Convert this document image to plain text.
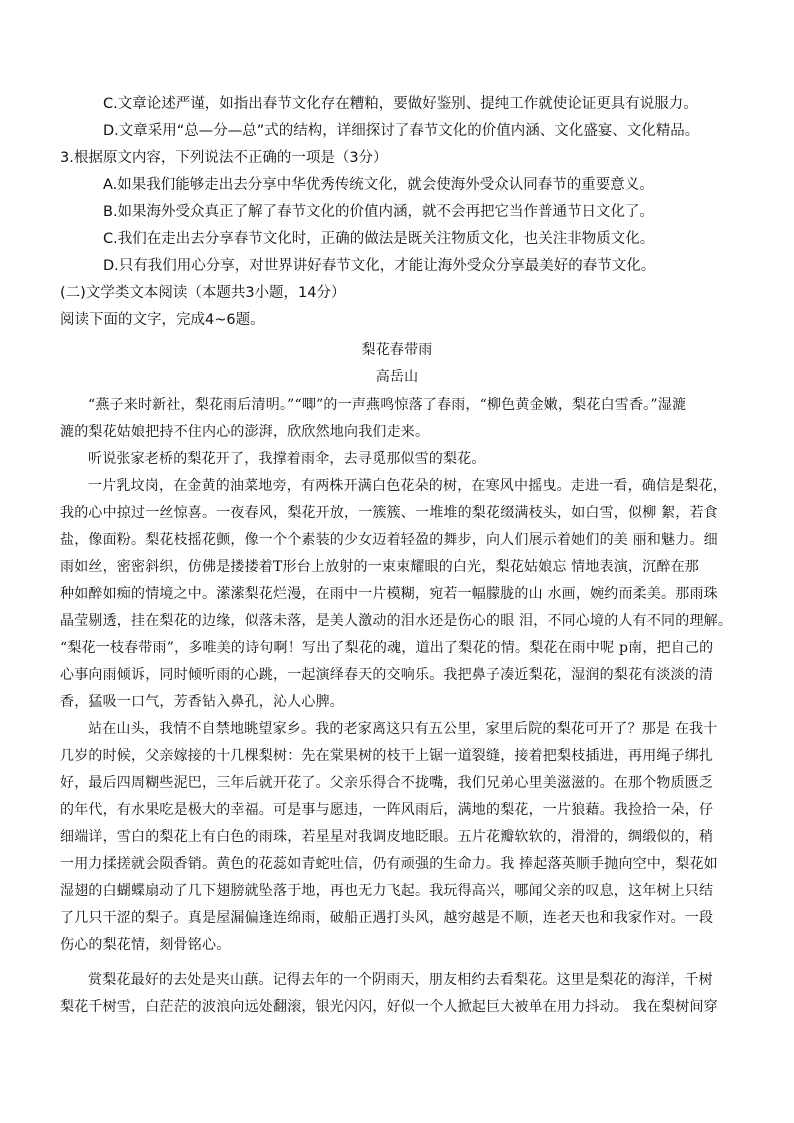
C.文章论述严谨，如指出春节文化存在糟粕，要做好鉴别、提纯工作就使论证更具有说服力。
D.文章采用“总—分—总”式的结构，详细探讨了春节文化的价值内涵、文化盛宴、文化精品。
3.根据原文内容，下列说法不正确的一项是（3分）
A.如果我们能够走出去分享中华优秀传统文化，就会使海外受众认同春节的重要意义。
B.如果海外受众真正了解了春节文化的价值内涵，就不会再把它当作普通节日文化了。
C.我们在走出去分享春节文化时，正确的做法是既关注物质文化，也关注非物质文化。
D.只有我们用心分享，对世界讲好春节文化，才能让海外受众分享最美好的春节文化。
(二)文学类文本阅读（本题共3小题，14分）
阅读下面的文字，完成4~6题。
梨花春带雨
高岳山
“燕子来时新社，梨花雨后清明。”“唧”的一声燕鸣惊落了春雨，“柳色黄金嫩，梨花白雪香。”湿漉
漉的梨花姑娘把持不住内心的澎湃，欣欣然地向我们走来。
听说张家老桥的梨花开了，我撑着雨伞，去寻觅那似雪的梨花。
一片乳坟岗，在金黄的油菜地旁，有两株开满白色花朵的树，在寒风中摇曳。走进一看，确信是梨花，
我的心中掠过一丝惊喜。一夜春风，梨花开放，一簇簇、一堆堆的梨花缀满枝头，如白雪，似柳 絮，若食
盐，像面粉。梨花枝摇花颤，像一个个素装的少女迈着轻盈的舞步，向人们展示着她们的美 丽和魅力。细
雨如丝，密密斜织，仿佛是搂搂着T形台上放射的一束束耀眼的白光，梨花姑娘忘 情地表演，沉醉在那
种如醉如痴的情境之中。潆潆梨花烂漫，在雨中一片模糊，宛若一幅朦胧的山 水画，婉约而柔美。那雨珠
晶莹剔透，挂在梨花的边缘，似落未落，是美人激动的泪水还是伤心的眼 泪，不同心境的人有不同的理解。
“梨花一枝春带雨”，多唯美的诗句啊！写出了梨花的魂，道出了梨花的情。梨花在雨中呢 p南，把自己的
心事向雨倾诉，同时倾听雨的心跳，一起演绎春天的交响乐。我把鼻子凑近梨花，湿润的梨花有淡淡的清
香，猛吸一口气，芳香钻入鼻孔，沁人心脾。
站在山头，我情不自禁地眺望家乡。我的老家离这只有五公里，家里后院的梨花可开了？那是 在我十
几岁的时候，父亲嫁接的十几棵梨树：先在棠果树的枝干上锯一道裂缝，接着把梨枝插进，再用绳子绑扎
好，最后四周糊些泥巴，三年后就开花了。父亲乐得合不拢嘴，我们兄弟心里美滋滋的。在那个物质匮乏
的年代，有水果吃是极大的幸福。可是事与愿违，一阵风雨后，满地的梨花，一片狼藉。我捡拾一朵，仔
细端详，雪白的梨花上有白色的雨珠，若星星对我调皮地眨眼。五片花瓣软软的，滑滑的，绸缎似的，稍
一用力揉搓就会陨香销。黄色的花蕊如青蛇吐信，仍有顽强的生命力。我 捧起落英顺手抛向空中，梨花如
湿翅的白蝴蝶扇动了几下翅膀就坠落于地，再也无力飞起。我玩得高兴，哪闻父亲的叹息，这年树上只结
了几只干涩的梨子。真是屋漏偏逢连绵雨，破船正遇打头风，越穷越是不顺，连老天也和我家作对。一段
伤心的梨花情，刻骨铭心。
赏梨花最好的去处是夹山蕻。记得去年的一个阴雨天，朋友相约去看梨花。这里是梨花的海洋，千树
梨花千树雪，白茫茫的波浪向远处翻滚，银光闪闪，好似一个人掀起巨大被单在用力抖动。 我在梨树间穿
